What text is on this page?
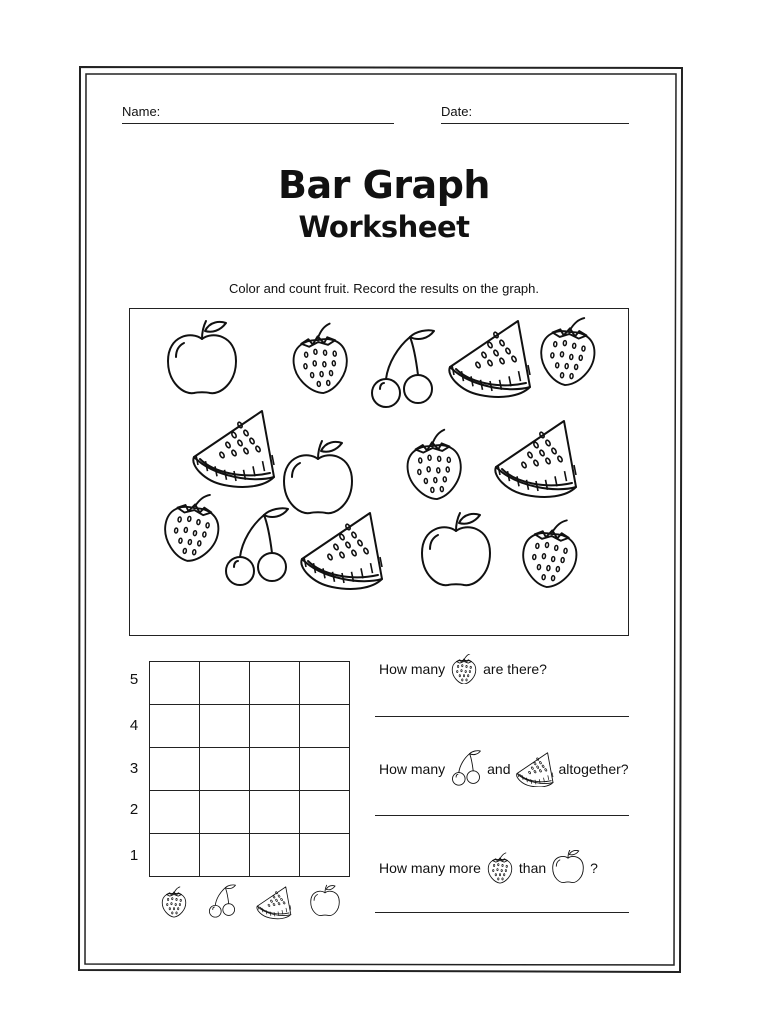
Name:	Date:
Bar Graph
Worksheet
Color and count fruit. Record the results on the graph.
5
4
3
2
1

How many	are there?
How many	and	altogether?
How many more	than	?
